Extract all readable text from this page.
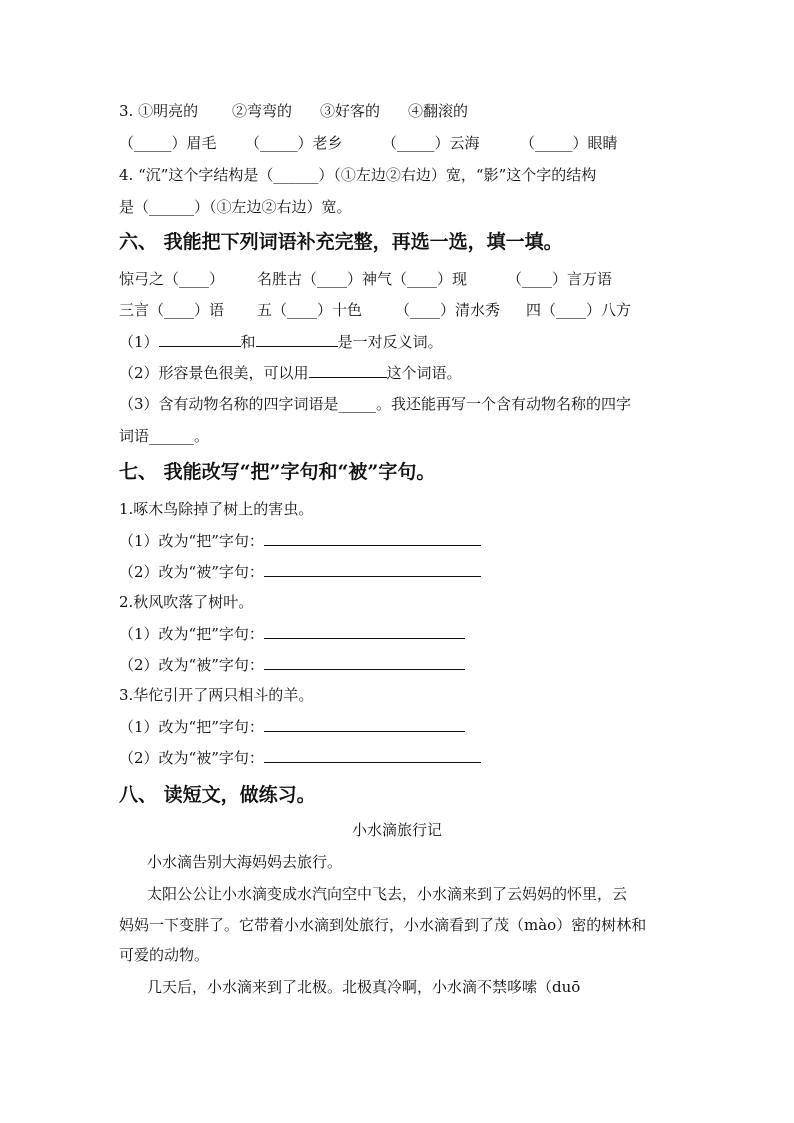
3. ①明亮的 ②弯弯的 ③好客的 ④翻滚的
（_____）眉毛 （_____）老乡	（_____）云海	（_____）眼睛
4. “沉”这个字结构是（______）（①左边②右边）宽，“影”这个字的结构
是（______）（①左边②右边）宽。
六、 我能把下列词语补充完整，再选一选，填一填。
惊弓之（____） 名胜古（____）神气（____）现	（____）言万语
三言（____）语 五（____）十色 （____）清水秀 四（____）八方
（1）	和	是一对反义词。
（2）形容景色很美，可以用	这个词语。
（3）含有动物名称的四字词语是_____。我还能再写一个含有动物名称的四字
词语______。
七、 我能改写“把”字句和“被”字句。
1.啄木鸟除掉了树上的害虫。
（1）改为“把”字句：
（2）改为“被”字句：
2.秋风吹落了树叶。
（1）改为“把”字句：
（2）改为“被”字句：
3.华佗引开了两只相斗的羊。
（1）改为“把”字句：
（2）改为“被”字句：
八、 读短文，做练习。
小水滴旅行记
小水滴告别大海妈妈去旅行。
太阳公公让小水滴变成水汽向空中飞去，小水滴来到了云妈妈的怀里，云
妈妈一下变胖了。它带着小水滴到处旅行，小水滴看到了茂（mào）密的树林和
可爱的动物。
几天后，小水滴来到了北极。北极真冷啊，小水滴不禁哆嗦（duō
